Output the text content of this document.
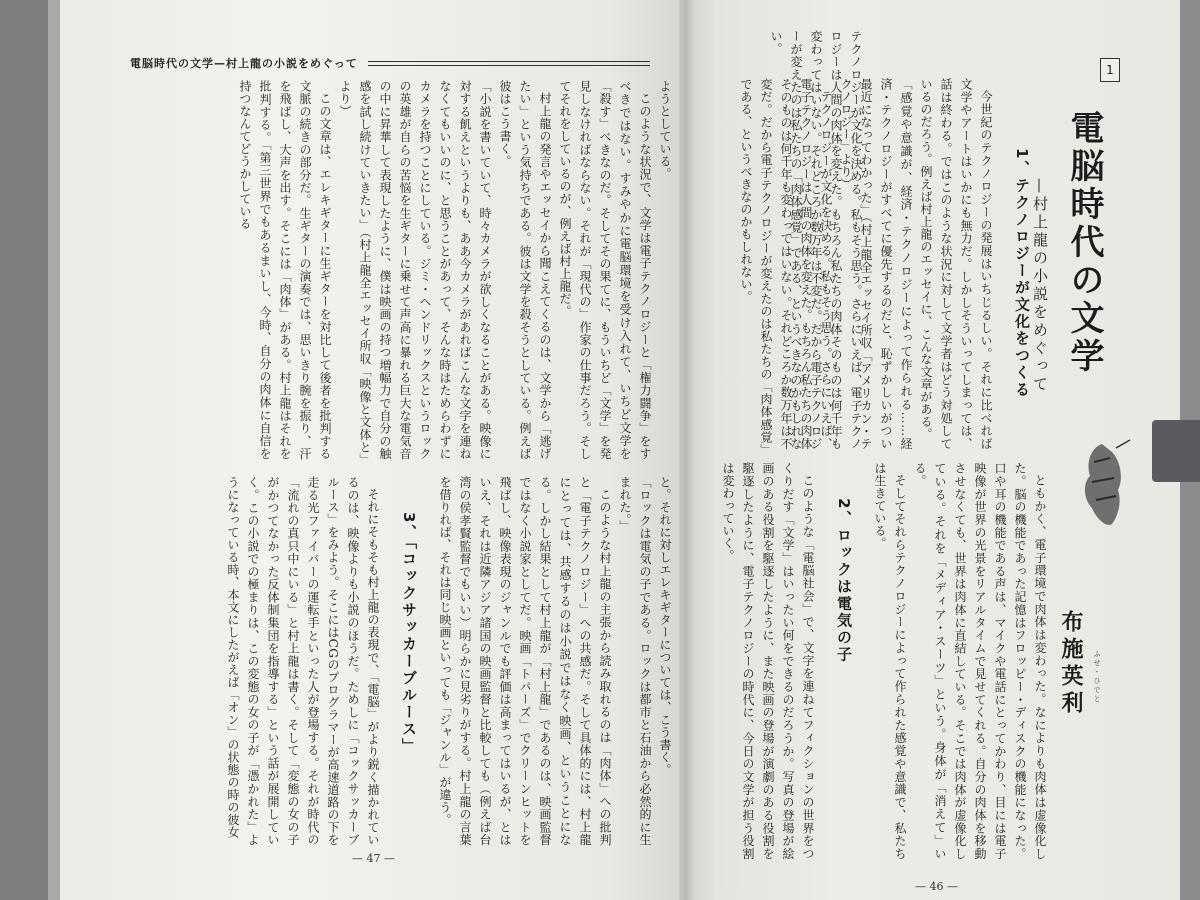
電脳時代の文学—村上龍の小説をめぐって	1
電脳時代の文学
—村上龍の小説をめぐって
布施英利	ふせ・ひでと
1、テクノロジーが文化をつくる

今世紀のテクノロジーの発展はいちじるしい。それに比べれば文学やアートはいかにも無力だ。しかしそういってしまっては、話は終わる。ではこのような状況に対して文学者はどう対処しているのだろう。例えば村上龍のエッセイに、こんな文章がある。

「感覚や意識が、経済・テクノロジーによって作られる……経済・テクノロジーがすべてに優先するのだと、恥ずかしいがつい最近になってわかった」（村上龍全エッセイ所収「アメリカン・テクノロジー」より）

テクノロジーが文化を決める。私もそう思う。さらにいえば、電子テクノロジーは人間の肉体を変えた。もちろん私たちの肉体そのものは何千年も変わってはいない。それどころか数万年は不変だ。だから電子テクノロジーが変えたのは私たちの「肉体感覚」である、というべきなのかもしれない。	テクノロジーが文化を決める。私もそう思う。さらにいえば、電子テクノロジーは人間の肉体を変えた。もちろん私たちの肉体そのものは何千年も変わってはいない。それどころか数万年は不変だ。だから電子テクノロジーが変えたのは私たちの「肉体感覚」である、というべきなのかもしれない。

ともかく、電子環境で肉体は変わった。なによりも肉体は虚像化した。脳の機能であった記憶はフロッピー・ディスクの機能になった。口や耳の機能である声は、マイクや電話にとってかわり、目には電子映像が世界の光景をリアルタイムで見せてくれる。自分の肉体を移動させなくても、世界は肉体に直結している。そこでは肉体が虚像化している。それを「メディア・スーツ」という。身体が「消えて」いる。

そしてそれらテクノロジーによって作られた感覚や意識で、私たちは生きている。

2、ロックは電気の子

このような「電脳社会」で、文字を連ねてフィクションの世界をつくりだす「文学」はいったい何をできるのだろうか。写真の登場が絵画のある役割を駆逐したように、また映画の登場が演劇のある役割を駆逐したように、電子テクノロジーの時代に、今日の文学が担う役割は変わっていく。

— 46 —

ようとしている。

このような状況で、文学は電子テクノロジーと「権力闘争」をすべきではない。すみやかに電脳環境を受け入れて、いちど文学を「殺す」べきなのだ。そしてその果てに、もういちど「文学」を発見しなければならない。それが「現代の」作家の仕事だろう。そしてそれをしているのが、例えば村上龍だ。

村上龍の発言やエッセイから聞こえてくるのは、文学から「逃げたい」という気持ちである。彼は文学を殺そうとしている。例えば彼はこう書く。

「小説を書いていて、時々カメラが欲しくなることがある。映像に対する飢えというよりも、ああ今カメラがあればこんな文字を連ねなくてもいいのに、と思うことがあって、そんな時はためらわずにカメラを持つことにしている。ジミ・ヘンドリックスというロックの英雄が自らの苦悩を生ギターに乗せて声高に暴れる巨大な電気音の中に昇華して表現したように、僕は映画の持つ増幅力で自分の触感を試し続けていきたい」（村上龍全エッセイ所収「映像と文体と」より）

この文章は、エレキギターに生ギターを対比して後者を批判する文脈の続きの部分だ。生ギターの演奏では、思いきり腕を振り、汗を飛ばし、大声を出す。そこには「肉体」がある。村上龍はそれを批判する。「第三世界でもあるまいし、今時、自分の肉体に自信を持つなんてどうかしている

と。それに対しエレキギターについては、こう書く。

「ロックは電気の子である。ロックは都市と石油から必然的に生まれた。」

このような村上龍の主張から読み取れるのは「肉体」への批判と「電子テクノロジー」への共感だ。そして具体的には、村上龍にとっては、共感するのは小説ではなく映画、ということになる。しかし結果として村上龍が「村上龍」であるのは、映画監督ではなく小説家としてだ。映画「トパーズ」でクリーンヒットを飛ばし、映像表現のジャンルでも評価は高まってはいるが、とはいえ、それは近隣アジア諸国の映画監督と比較しても（例えば台湾の侯孝賢監督でもいい）明らかに見劣りがする。村上龍の言葉を借りれば、それは同じ映画といっても「ジャンル」が違う。

3、「コックサッカーブルース」

それにそもそも村上龍の表現で、「電脳」がより鋭く描かれているのは、映像よりも小説のほうだ。ためしに「コックサッカーブルース」をみよう。そこにはCGのプログラマーが高速道路の下を走る光ファイバーの運転手といった人が登場する。それが時代の「流れの真只中にいる」と村上龍は書く。そして「変態の女の子がかつてなかった反体制集団を指導する」という話が展開していく。この小説での極まりは、この変態の女の子が「憑かれた」ようになっている時、本文にしたがえば「オン」の状態の時の彼女

— 47 —
